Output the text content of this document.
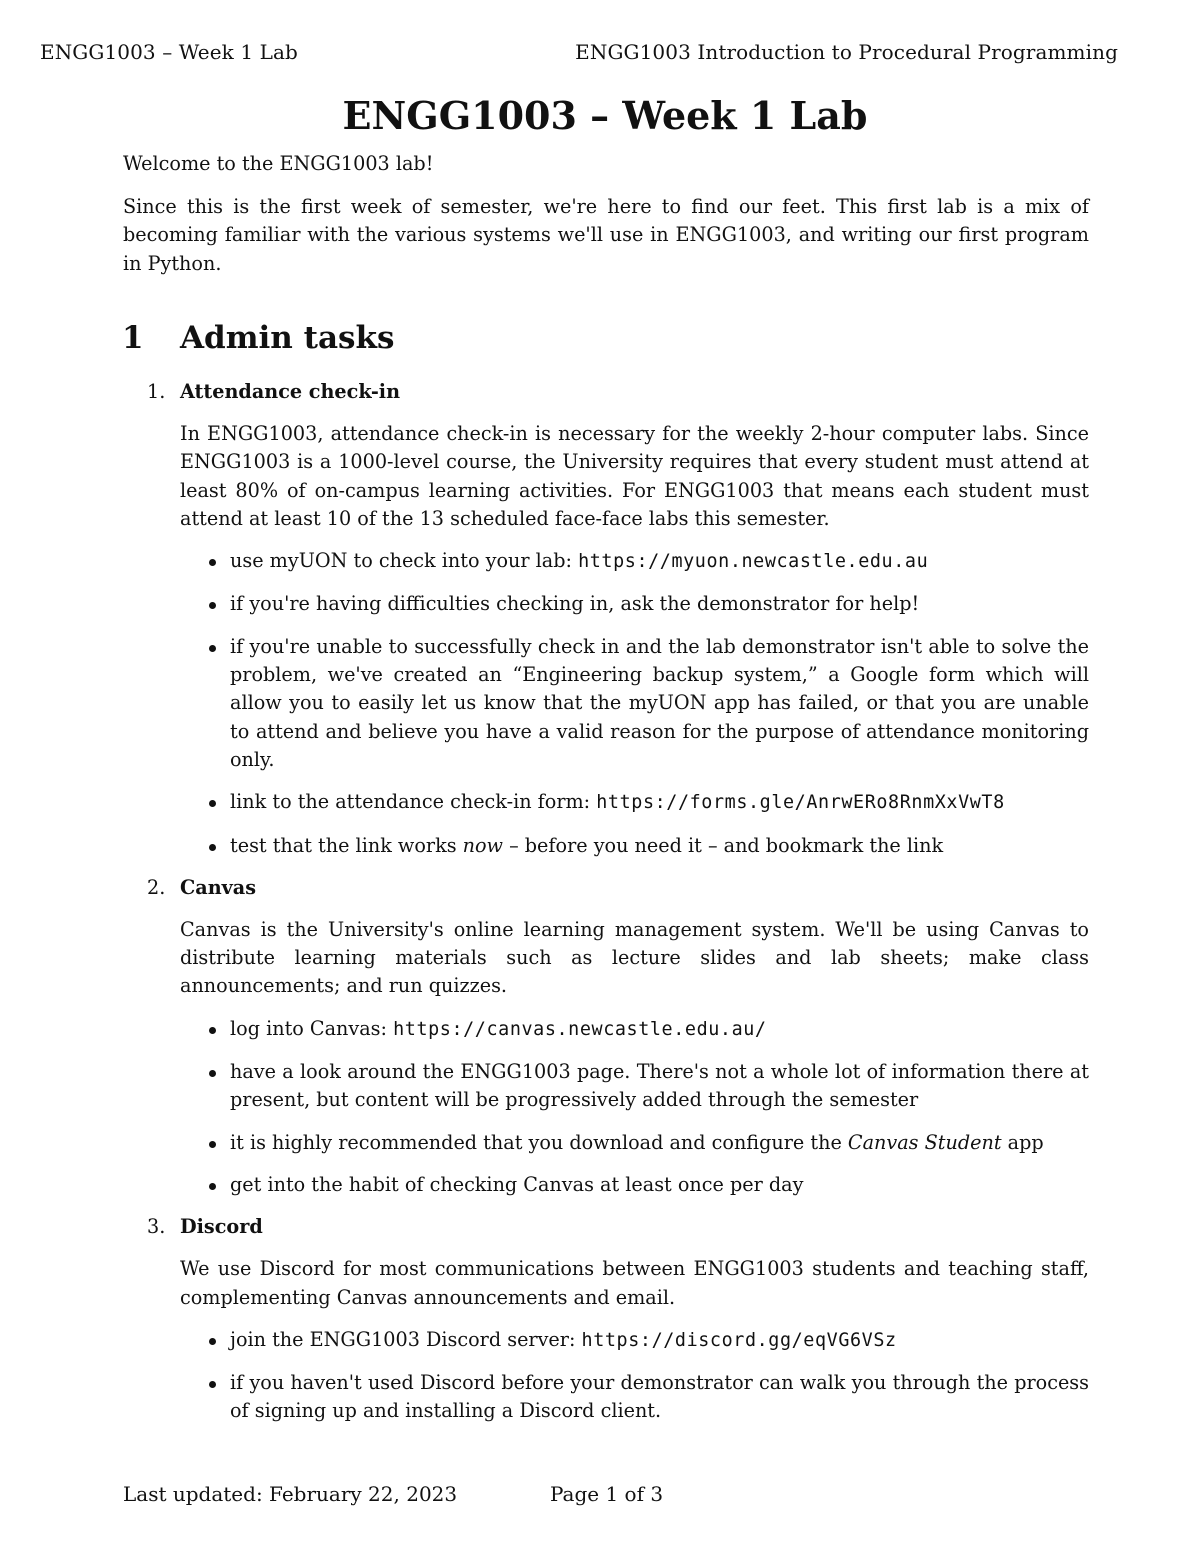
ENGG1003 – Week 1 Lab	ENGG1003 Introduction to Procedural Programming
ENGG1003 – Week 1 Lab

Welcome to the ENGG1003 lab!

Since this is the first week of semester, we're here to find our feet. This first lab is a mix of becoming familiar with the various systems we'll use in ENGG1003, and writing our first program in Python.

1 Admin tasks
1. Attendance check-in

In ENGG1003, attendance check-in is necessary for the weekly 2-hour computer labs. Since ENGG1003 is a 1000-level course, the University requires that every student must attend at least 80% of on-campus learning activities. For ENGG1003 that means each student must attend at least 10 of the 13 scheduled face-face labs this semester.

use myUON to check into your lab: https://myuon.newcastle.edu.au
if you're having difficulties checking in, ask the demonstrator for help!
if you're unable to successfully check in and the lab demonstrator isn't able to solve the problem, we've created an “Engineering backup system,” a Google form which will allow you to easily let us know that the myUON app has failed, or that you are unable to attend and believe you have a valid reason for the purpose of attendance monitoring only.
link to the attendance check-in form: https://forms.gle/AnrwERo8RnmXxVwT8
test that the link works now – before you need it – and bookmark the link
2. Canvas

Canvas is the University's online learning management system. We'll be using Canvas to distribute learning materials such as lecture slides and lab sheets; make class announcements; and run quizzes.

log into Canvas: https://canvas.newcastle.edu.au/
have a look around the ENGG1003 page. There's not a whole lot of information there at present, but content will be progressively added through the semester
it is highly recommended that you download and configure the Canvas Student app
get into the habit of checking Canvas at least once per day
3. Discord

We use Discord for most communications between ENGG1003 students and teaching staff, complementing Canvas announcements and email.

join the ENGG1003 Discord server: https://discord.gg/eqVG6VSz
if you haven't used Discord before your demonstrator can walk you through the process of signing up and installing a Discord client.
Last updated: February 22, 2023	Page 1 of 3
